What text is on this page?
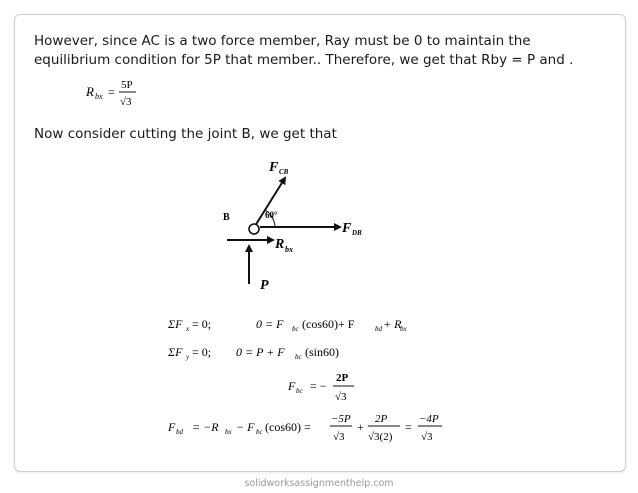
However, since AC is a two force member, Ray must be 0 to maintain the equilibrium condition for 5P that member.. Therefore, we get that Rby = P and .

R bx = 5P
√3

Now consider cutting the joint B, we get that

B	60°
F CB
F DB
R bx
P
ΣF x = 0;	0 = F bc (cos60)+ F	bd + R
bx
ΣF y = 0; 0 = P + F bc (sin60)
F bc = −
2P
√3
F bd = −R bx − F bc (cos60) =
−5P
√3
+
2P
√3(2)
=
−4P
√3
solidworksassignmenthelp.com
